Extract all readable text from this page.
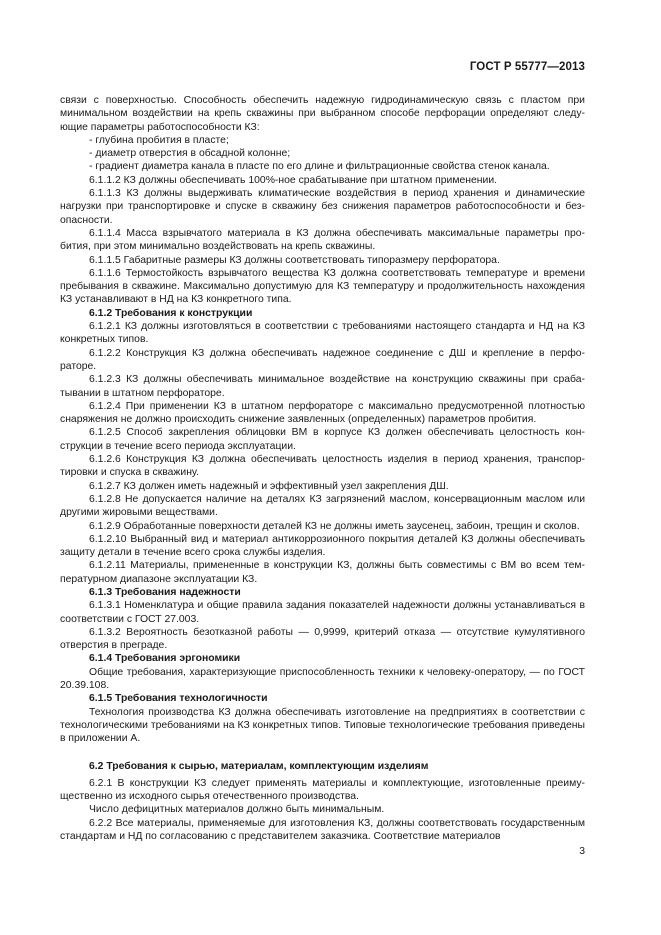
ГОСТ Р 55777—2013

связи с поверхностью. Способность обеспечить надежную гидродинамическую связь с пластом при минимальном воздействии на крепь скважины при выбранном способе перфорации определяют следующие параметры работоспособности КЗ:

- глубина пробития в пласте;

- диаметр отверстия в обсадной колонне;

- градиент диаметра канала в пласте по его длине и фильтрационные свойства стенок канала.

6.1.1.2 КЗ должны обеспечивать 100%-ное срабатывание при штатном применении.

6.1.1.3 КЗ должны выдерживать климатические воздействия в период хранения и динамические нагрузки при транспортировке и спуске в скважину без снижения параметров работоспособности и безопасности.

6.1.1.4 Масса взрывчатого материала в КЗ должна обеспечивать максимальные параметры пробития, при этом минимально воздействовать на крепь скважины.

6.1.1.5 Габаритные размеры КЗ должны соответствовать типоразмеру перфоратора.

6.1.1.6 Термостойкость взрывчатого вещества КЗ должна соответствовать температуре и времени пребывания в скважине. Максимально допустимую для КЗ температуру и продолжительность нахождения КЗ устанавливают в НД на КЗ конкретного типа.

6.1.2 Требования к конструкции

6.1.2.1 КЗ должны изготовляться в соответствии с требованиями настоящего стандарта и НД на КЗ конкретных типов.

6.1.2.2 Конструкция КЗ должна обеспечивать надежное соединение с ДШ и крепление в перфораторе.

6.1.2.3 КЗ должны обеспечивать минимальное воздействие на конструкцию скважины при срабатывании в штатном перфораторе.

6.1.2.4 При применении КЗ в штатном перфораторе с максимально предусмотренной плотностью снаряжения не должно происходить снижение заявленных (определенных) параметров пробития.

6.1.2.5 Способ закрепления облицовки ВМ в корпусе КЗ должен обеспечивать целостность конструкции в течение всего периода эксплуатации.

6.1.2.6 Конструкция КЗ должна обеспечивать целостность изделия в период хранения, транспортировки и спуска в скважину.

6.1.2.7 КЗ должен иметь надежный и эффективный узел закрепления ДШ.

6.1.2.8 Не допускается наличие на деталях КЗ загрязнений маслом, консервационным маслом или другими жировыми веществами.

6.1.2.9 Обработанные поверхности деталей КЗ не должны иметь заусенец, забоин, трещин и сколов.

6.1.2.10 Выбранный вид и материал антикоррозионного покрытия деталей КЗ должны обеспечивать защиту детали в течение всего срока службы изделия.

6.1.2.11 Материалы, примененные в конструкции КЗ, должны быть совместимы с ВМ во всем температурном диапазоне эксплуатации КЗ.

6.1.3 Требования надежности

6.1.3.1 Номенклатура и общие правила задания показателей надежности должны устанавливаться в соответствии с ГОСТ 27.003.

6.1.3.2 Вероятность безотказной работы — 0,9999, критерий отказа — отсутствие кумулятивного отверстия в преграде.

6.1.4 Требования эргономики

Общие требования, характеризующие приспособленность техники к человеку-оператору, — по ГОСТ 20.39.108.

6.1.5 Требования технологичности

Технология производства КЗ должна обеспечивать изготовление на предприятиях в соответствии с технологическими требованиями на КЗ конкретных типов. Типовые технологические требования приведены в приложении А.

6.2 Требования к сырью, материалам, комплектующим изделиям

6.2.1 В конструкции КЗ следует применять материалы и комплектующие, изготовленные преимущественно из исходного сырья отечественного производства.

Число дефицитных материалов должно быть минимальным.

6.2.2 Все материалы, применяемые для изготовления КЗ, должны соответствовать государственным стандартам и НД по согласованию с представителем заказчика. Соответствие материалов

3
